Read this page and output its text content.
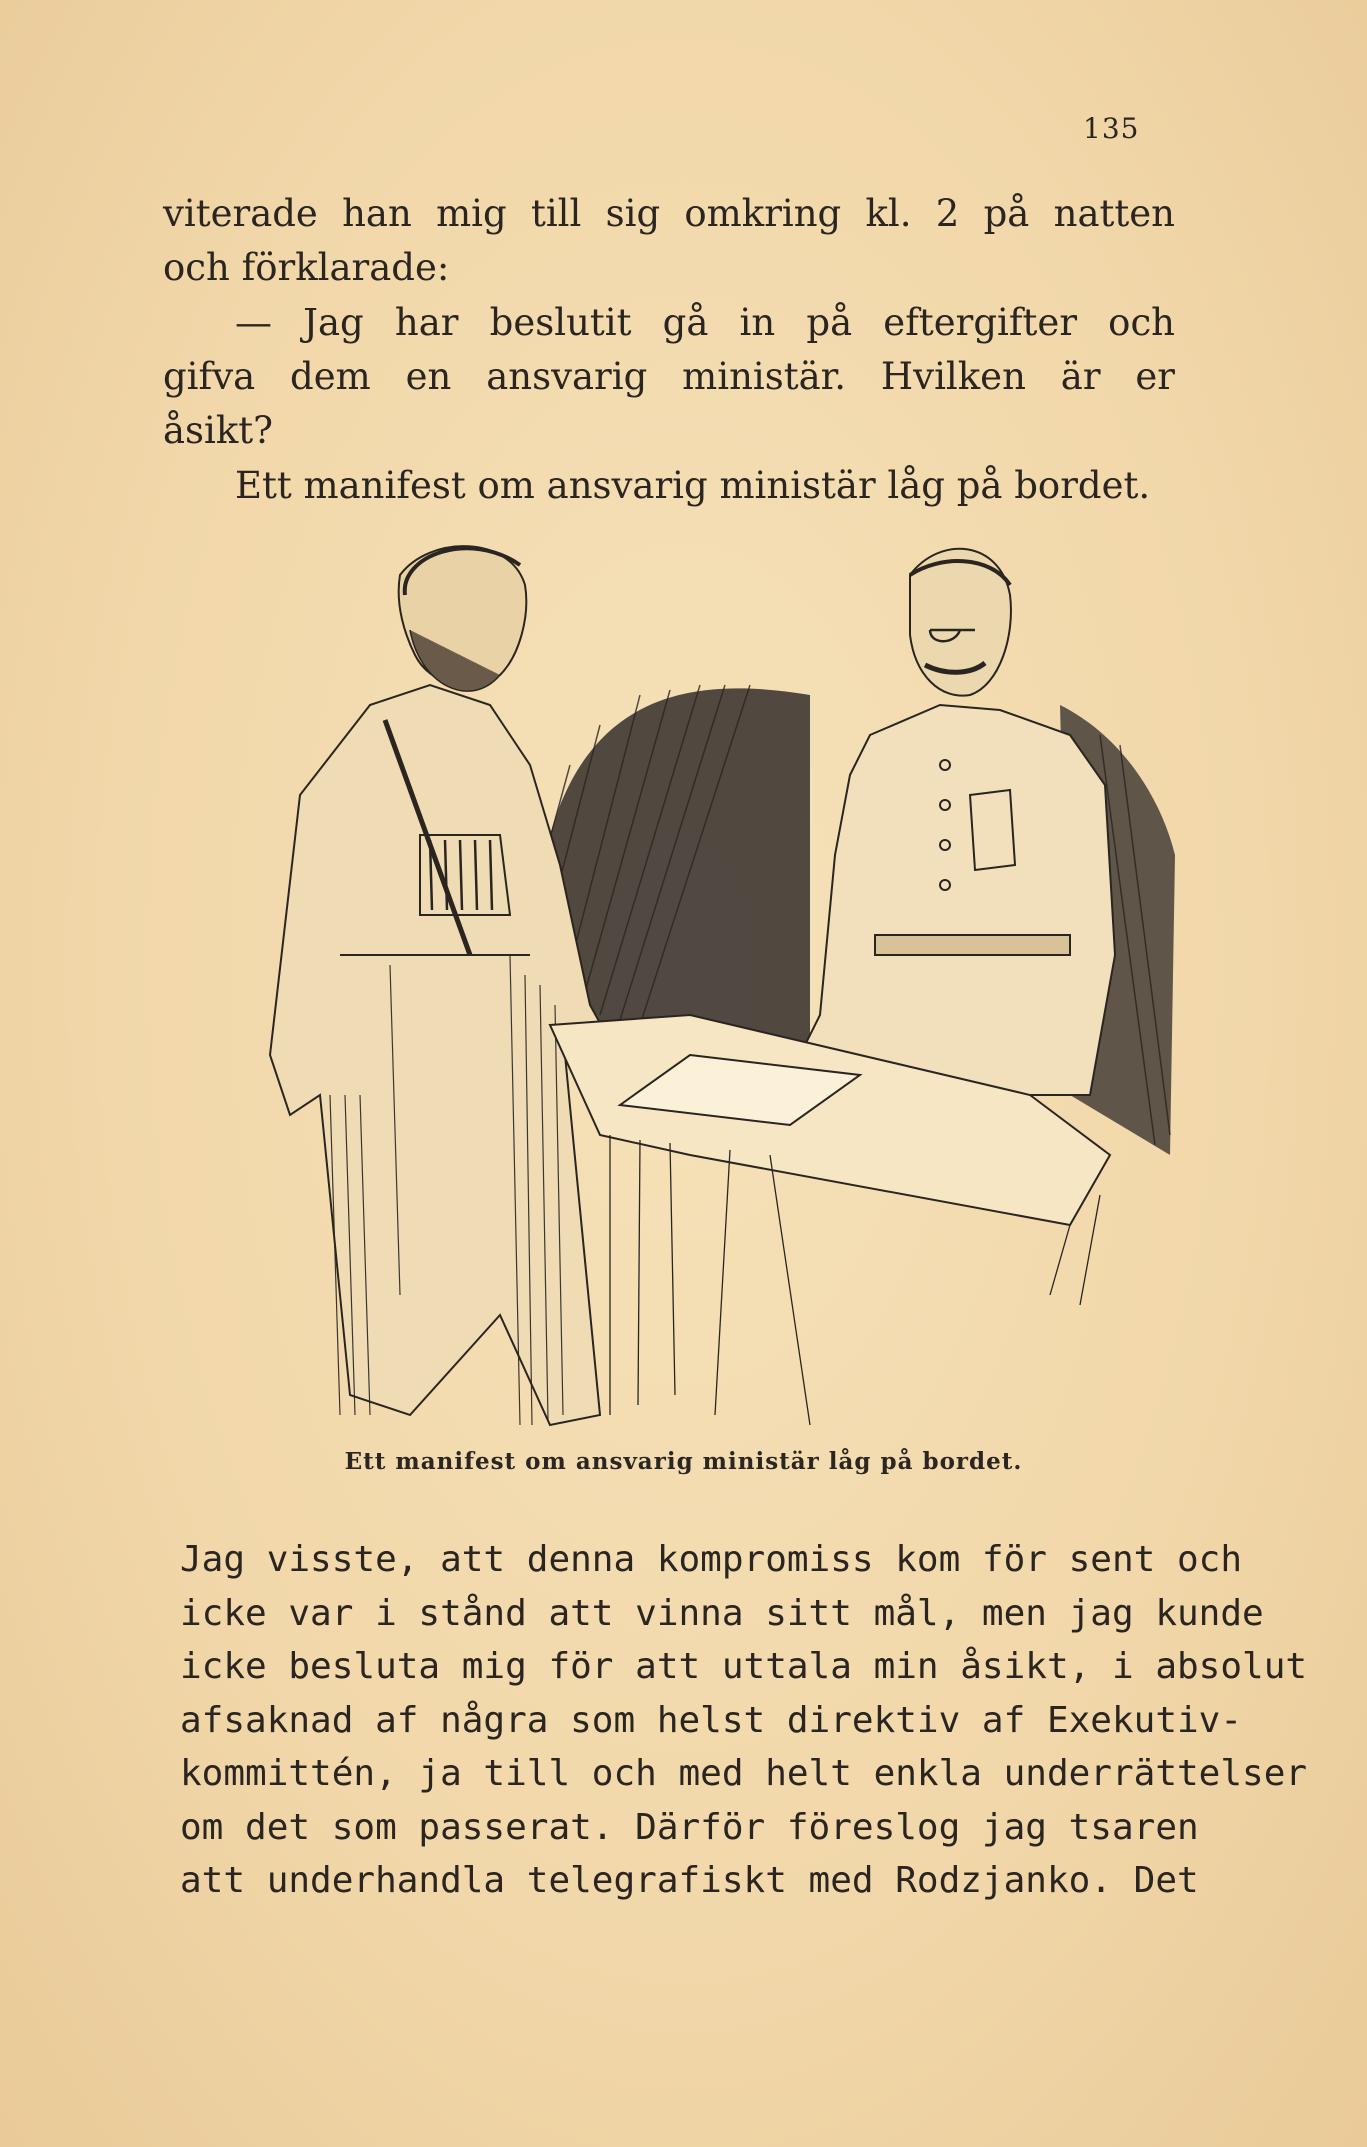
135

viterade han mig till sig omkring kl. 2 på natten
och förklarade:

— Jag har beslutit gå in på eftergifter och
gifva dem en ansvarig ministär. Hvilken är er
åsikt?

Ett manifest om ansvarig ministär låg på bordet.

Ett manifest om ansvarig ministär låg på bordet.

Jag visste, att denna kompromiss kom för sent och
icke var i stånd att vinna sitt mål, men jag kunde
icke besluta mig för att uttala min åsikt, i absolut
afsaknad af några som helst direktiv af Exekutiv-
kommittén, ja till och med helt enkla underrättelser
om det som passerat. Därför föreslog jag tsaren
att underhandla telegrafiskt med Rodzjanko. Det
